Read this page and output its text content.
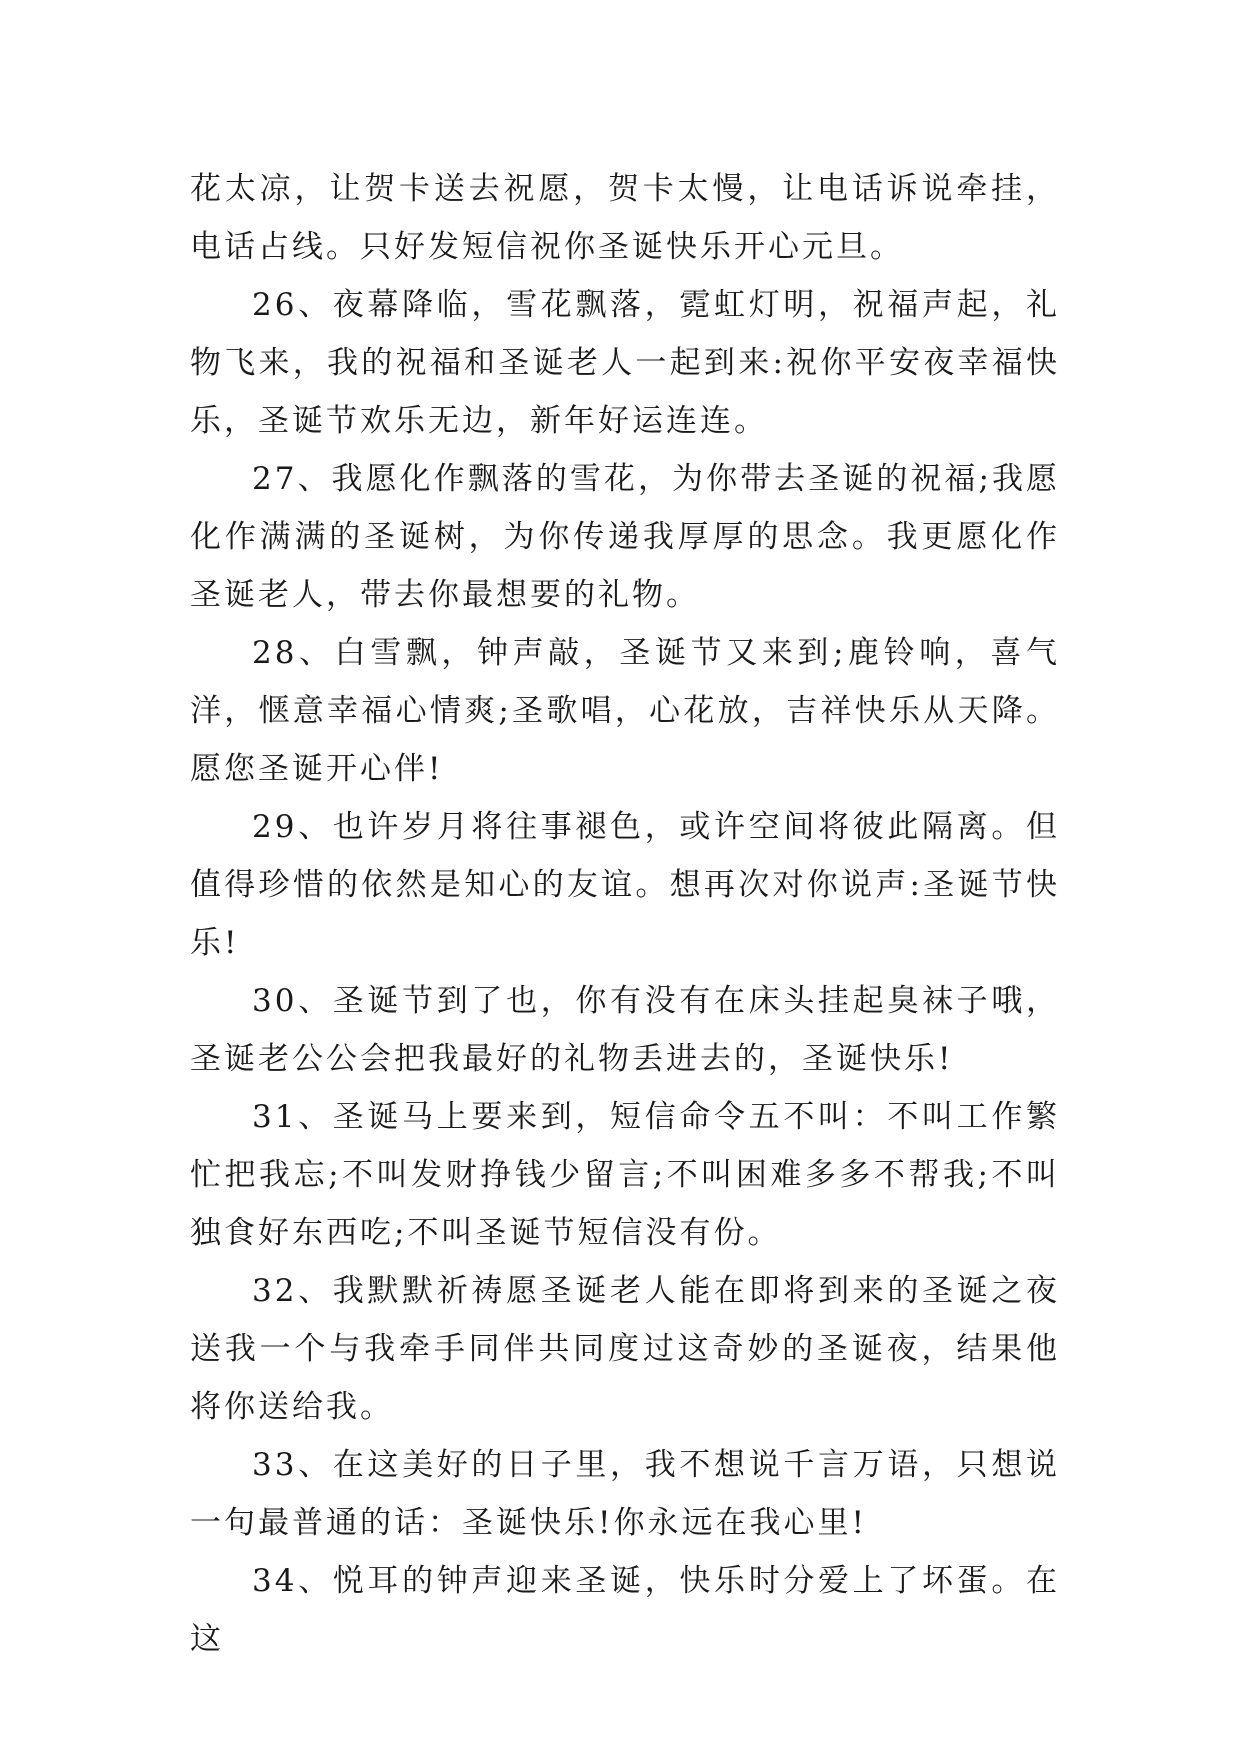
花太凉，让贺卡送去祝愿，贺卡太慢，让电话诉说牵挂，电话占线。只好发短信祝你圣诞快乐开心元旦。

26、夜幕降临，雪花飘落，霓虹灯明，祝福声起，礼物飞来，我的祝福和圣诞老人一起到来:祝你平安夜幸福快乐，圣诞节欢乐无边，新年好运连连。

27、我愿化作飘落的雪花，为你带去圣诞的祝福;我愿化作满满的圣诞树，为你传递我厚厚的思念。我更愿化作圣诞老人，带去你最想要的礼物。

28、白雪飘，钟声敲，圣诞节又来到;鹿铃响，喜气洋，惬意幸福心情爽;圣歌唱，心花放，吉祥快乐从天降。愿您圣诞开心伴!

29、也许岁月将往事褪色，或许空间将彼此隔离。但值得珍惜的依然是知心的友谊。想再次对你说声:圣诞节快乐!

30、圣诞节到了也，你有没有在床头挂起臭袜子哦，圣诞老公公会把我最好的礼物丢进去的，圣诞快乐!

31、圣诞马上要来到，短信命令五不叫：不叫工作繁忙把我忘;不叫发财挣钱少留言;不叫困难多多不帮我;不叫独食好东西吃;不叫圣诞节短信没有份。

32、我默默祈祷愿圣诞老人能在即将到来的圣诞之夜送我一个与我牵手同伴共同度过这奇妙的圣诞夜，结果他将你送给我。

33、在这美好的日子里，我不想说千言万语，只想说一句最普通的话：圣诞快乐!你永远在我心里!

34、悦耳的钟声迎来圣诞，快乐时分爱上了坏蛋。在这
